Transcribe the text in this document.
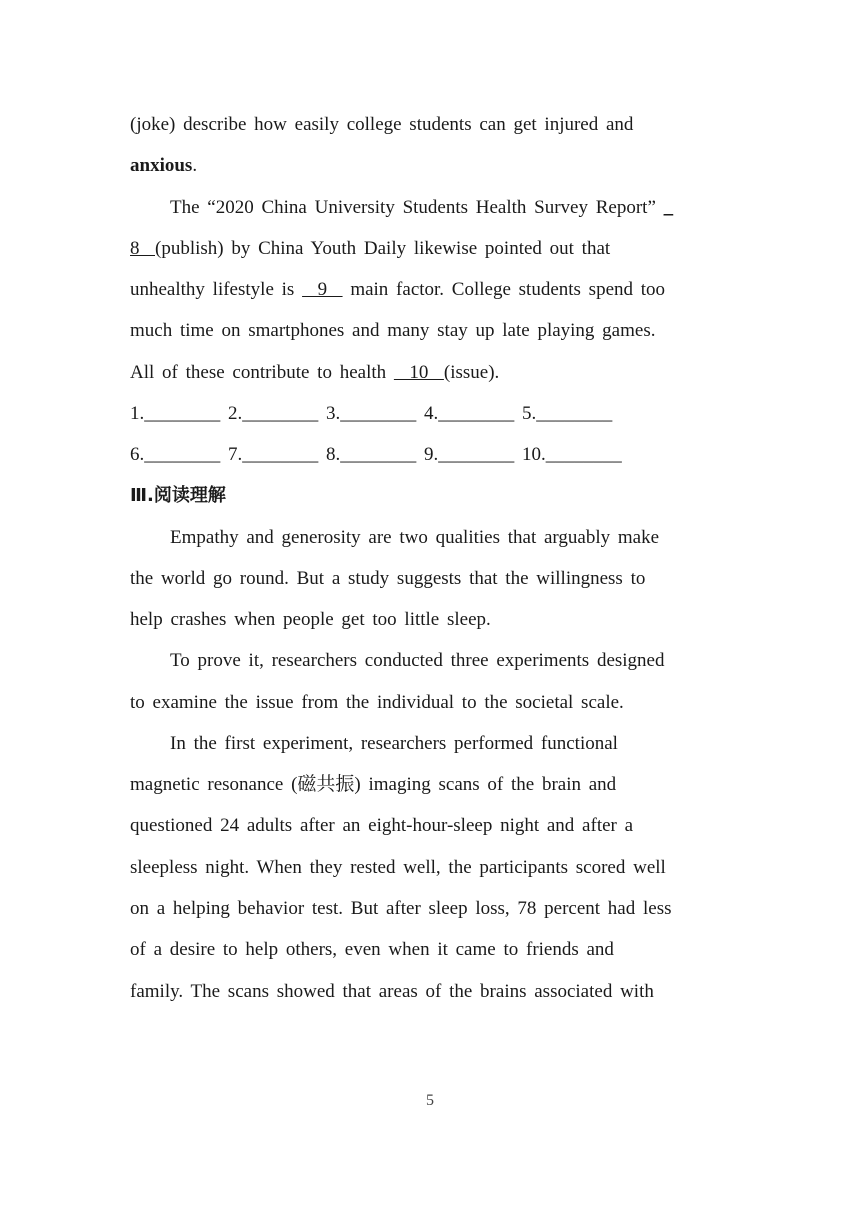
(joke) describe how easily college students can get injured and
anxious.
The “2020 China University Students Health Survey Report” _
8  (publish) by China Youth Daily likewise pointed out that
unhealthy lifestyle is   9   main factor. College students spend too
much time on smartphones and many stay up late playing games.
All of these contribute to health   10  (issue).
1.________ 2.________ 3.________ 4.________ 5.________
6.________ 7.________ 8.________ 9.________ 10.________
Ⅲ.阅读理解
Empathy and generosity are two qualities that arguably make
the world go round. But a study suggests that the willingness to
help crashes when people get too little sleep.
To prove it, researchers conducted three experiments designed
to examine the issue from the individual to the societal scale.
In the first experiment, researchers performed functional
magnetic resonance (磁共振) imaging scans of the brain and
questioned 24 adults after an eight-hour-sleep night and after a
sleepless night. When they rested well, the participants scored well
on a helping behavior test. But after sleep loss, 78 percent had less
of a desire to help others, even when it came to friends and
family. The scans showed that areas of the brains associated with
5
